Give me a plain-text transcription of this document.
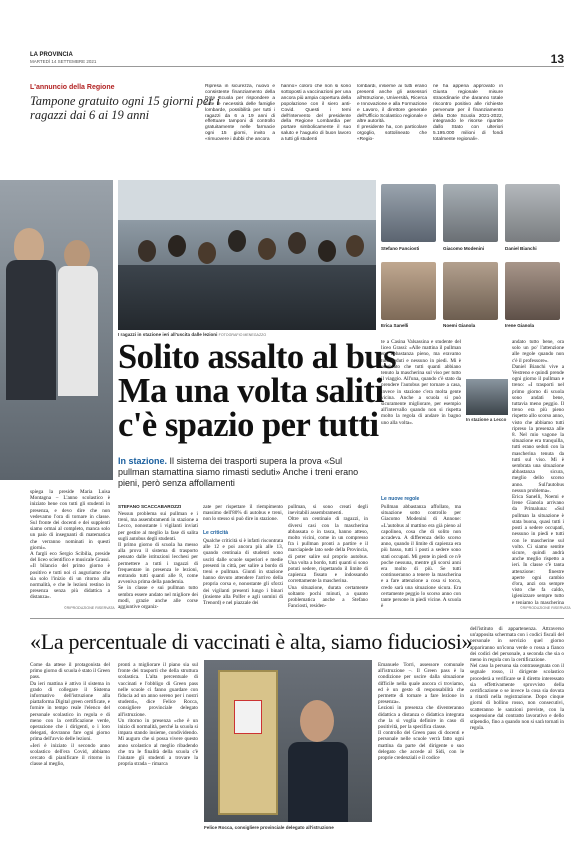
LA PROVINCIA
MARTEDÌ 14 SETTEMBRE 2021	13
L'annuncio della Regione
Tampone gratuito ogni 15 giorni per i ragazzi dai 6 ai 19 anni
Ripresa in sicurezza, nuovo e consistente finanziamento della Dote Scuola per rispondere a tutte le necessità delle famiglie lombarde, possibilità per tutti i ragazzi da 6 a 19 anni di effettuare tamponi di controllo gratuitamente nelle farmacie ogni 15 giorni, invito a «rimuovere i dubbi che ancora
hanno» coloro che non si sono sottoposti a vaccinazioni per una ancora più ampia copertura della popolazione con il siero anti-Covid. Questi i temi dell'intervento del presidente della Regione Lombardia per portare simbolicamente il suo saluto e l'augurio di buon lavoro a tutti gli studenti
lombardi, insieme ai tutti erano presenti anche gli assessori all'Istruzione, Università, Ricerca e Innovazione e alla Formazione e Lavoro, il direttore generale dell'Ufficio Scolastico regionale e altre autorità.
Il presidente ha, con particolare orgoglio, sottolineato che «Regio-
ne ha appena approvato in Giunta regionale misure straordinarie che daranno totale riscontro positivo alle richieste pervenute per il finanziamento della Dote Scuola 2021-2022, integrando le risorse ripartite dallo Stato con ulteriori 5.195.000 milioni di fondi totalmente regionali».
I ragazzi in stazione ieri all'uscita dalle lezioni FOTOGRAFIO MENEGAZZO
Stefano Fanciosti	Giacomo Modenini	Daniel Bianchi
Erica Sanelli	Noemi Gianola	Irene Gianola
Solito assalto al bus
Ma una volta saliti
c'è spazio per tutti
In stazione. Il sistema dei trasporti supera la prova «Sul pullman stamattina siamo rimasti seduti» Anche i treni erano pieni, però senza affollamenti
spiega la preside Maria Luisa Montagna – L'anno scolastico è iniziato bene con tutti gli studenti in presenza, e devo dire che non vedevamo l'ora di tornare in classe. Sul fronte dei docenti e dei supplenti siamo ormai al completo, manca solo un paio di insegnanti di matematica che verranno nominati in questi giorni».
A fargli eco Sergio Scibilia, preside del liceo scientifico e musicale Grassi. «Il bilancio del primo giorno è positivo e tutti noi ci auguriamo che sia solo l'inizio di un ritorno alla normalità, e che le lezioni restino in presenza senza più didattica a distanza».
©RIPRODUZIONE RISERVATA
STEFANO SCACCABAROZZI
Nessun problema sui pullman e i treni, ma assembramenti in stazione a Lecco, nonostante i vigilanti inviati per gestire al meglio la fase di salita sugli autobus degli studenti.
Il primo giorno di scuola ha messo alla prova il sistema di trasporto pensato dalle istituzioni lecchesi per permettere a tutti i ragazzi di frequentare in presenza le lezioni, entrando tutti quanti alle 8, come avveniva prima della pandemia.
Se in classe e sui pullman tutto sembra essere andato nel migliore dei modi, grazie anche alle corse aggiuntive organiz-
zate per rispettare il riempimento massimo dell'80% di autobus e treni, non lo stesso si può dire in stazione.
Le criticità
Qualche criticità si è infatti riscontrata alle 12 e poi ancora più alle 13, quando centinaia di studenti sono usciti dalle scuole superiori e medie presenti in città, per salire a bordo di treni e pullman. Giunti in stazione hanno dovuto attendere l'arrivo della propria corsa e, nonostante gli sforzi dei vigilanti presenti lungo i binari (insieme alla Polfer e agli uomini di Trenord) e nel piazzale dei
pullman, si sono creati degli inevitabili assembramenti.
Oltre un centinaio di ragazzi, in diversi casi con la mascherina abbassata o in tasca, hanno atteso, molto vicini, come in un compresso fra i pullman pronti a partire e il marciapiede lato sede della Provincia, di poter salire sul proprio autobus. Una volta a bordo, tutti quanti si sono potuti sedere, rispettando il limite di capienza fissato e indossando correttamente la mascherina.
Una situazione, durata certamente soltanto pochi minuti, a quanto problematica anche a Stefano Fanciosti, residen-
te a Casina Valsassina e studente del liceo Grassi: «Alle mattina il pullman era abbastanza pieno, ma eravamo tutti seduti e nessuno in piedi. Mi è sembrato che tutti quanti abbiano tenuto la mascherina sul viso per tutto il viaggio. All'una, quando c'è stato da prendere l'autobus per tornare a casa, invece in stazione c'era molta gente vicina. Anche a scuola si può sicuramente migliorare, per esempio all'intervallo quando non si rispetta molto la regola di andare in bagno uno alla volta».
Le nuove regole
Pullman abbastanza affollato, ma situazione sotto controllo per Giacomo Modenini di Annone: «L'autobus al mattino era già pieno al capolinea, cosa che di solito non accadeva. A differenza dello scorso anno, quando il limite di capienza era più basso, tutti i posti a sedere sono stati occupati. Mi gente in piedi ce n'è poche nessuna, mentre gli scorsi anni era molto di più. Se tutti continueranno a tenere la mascherina e a fare attenzione a cosa si tocca, credo sarà una situazione sicura. Era certamente peggio lo scorso anno con tante persone in piedi vicine. A scuola è
In stazione a Lecco
andato tutto bene, ora solo un po' l'attenzione alle regole quando non c'è il professore».
Daniel Bianchi vive a Vestreno e quindi prende ogni giorno il pullman e treno: «I trasporti nel primo giorno di scuola sono andati bene, tuttavia meno peggio. Il treno era più pieno rispetto allo scorso anno, visto che abbiamo tutti ripreso la presenza alle 8. Nel mio vagone la situazione era tranquilla, tutti erano seduti con la mascherina tenuta da tutti sul viso. Mi è sembrata una situazione abbastanza sicura, meglio dello scorso anno. Sull'autobus nessun problema».
Erica Sanelli, Noemi e Irene Gianola arrivano da Primaluna: «Sul pullman la situazione è stata buona, quasi tutti i posti a sedere occupati, nessuno in piedi e tutti con le mascherine sul volto. Ci siamo sentite sicure, quindi andrà anche meglio rispetto a ieri. In classe c'è tanta attenzione: finestre aperte ogni cambio d'ora, anzi ora sempre visto che fa caldo, igienizzare sempre tutto e teniamo la mascherina
©RIPRODUZIONE RISERVATA
«La percentuale di vaccinati è alta, siamo fiduciosi»
Come da attese il protagonista del primo giorno di scuola è stato il Green pass.
Da ieri mattina è attivo il sistema in grado di collegare il Sistema informativo dell'istruzione alla piattaforma Digital green certificate, e fornire in tempo reale l'elenco del personale scolastico in regola e di meno con la certificazione verde, operazione che i dirigenti, o i loro delegati, dovranno fare ogni giorno prima dell'avvio delle lezioni.
«Ieri è iniziato il secondo anno scolastico dell'era Covid, abbiamo cercato di pianificare il ritorno in classe al meglio,
pronti a migliorare il piano sia sul fronte dei trasporti che della struttura scolastica. L'alta percentuale di vaccinati e l'obbligo di Green pass nelle scuole ci fanno guardare con fiducia ad un anno sereno per i nostri studenti», dice Felice Rocca, consigliere provinciale delegato all'istruzione.
Un ritorno in presenza «che è un inizio di normalità, perché la scuola si impara stando insieme, condividendo. Mi auguro che si possa vivere questo anno scolastico al meglio ribadendo che tra le finalità della scuola c'è l'aiutare gli studenti a trovare la propria strada – rimarca
Felice Rocca, consigliere provinciale delegato all'istruzione
Emanuele Torri, assessore comunale all'istruzione –. Il Green pass è la condizione per uscire dalla situazione difficile nella quale ancora ci troviamo, ed è un gesto di responsabilità che permette di tornare a fare lezione in presenza».
Lezioni in presenza che diventeranno didattica a distanza o didattica integrata che la si voglia definire in caso di positività, per la specifica classe.
Il controllo del Green pass di docenti e personale nelle scuole verrà fatto ogni mattina da parte del dirigente o suo delegato che accede al Sidi, con le proprie credenziali e il codice
dell'istituto di appartenenza. Attraverso un'apposita schermata con i codici fiscali del personale in servizio quel giorno appariranno un'icona verde o rossa a fianco dei codici del personale, a seconda che sia o meno in regola con la certificazione.
Nel caso la persona sia contrassegnata con il segnale rosso, il dirigente scolastico procederà a verificare se il diretto interessato sia effettivamente sprovvisto della certificazione o se invece la cosa sia dovuta a ritardi nella registrazione. Dopo cinque giorni di bollino rosso, non consecutivi, scatteranno le sanzioni previste, con la sospensione dal contratto lavorativo e dello stipendio, fino a quando non si sarà tornati in regola.
